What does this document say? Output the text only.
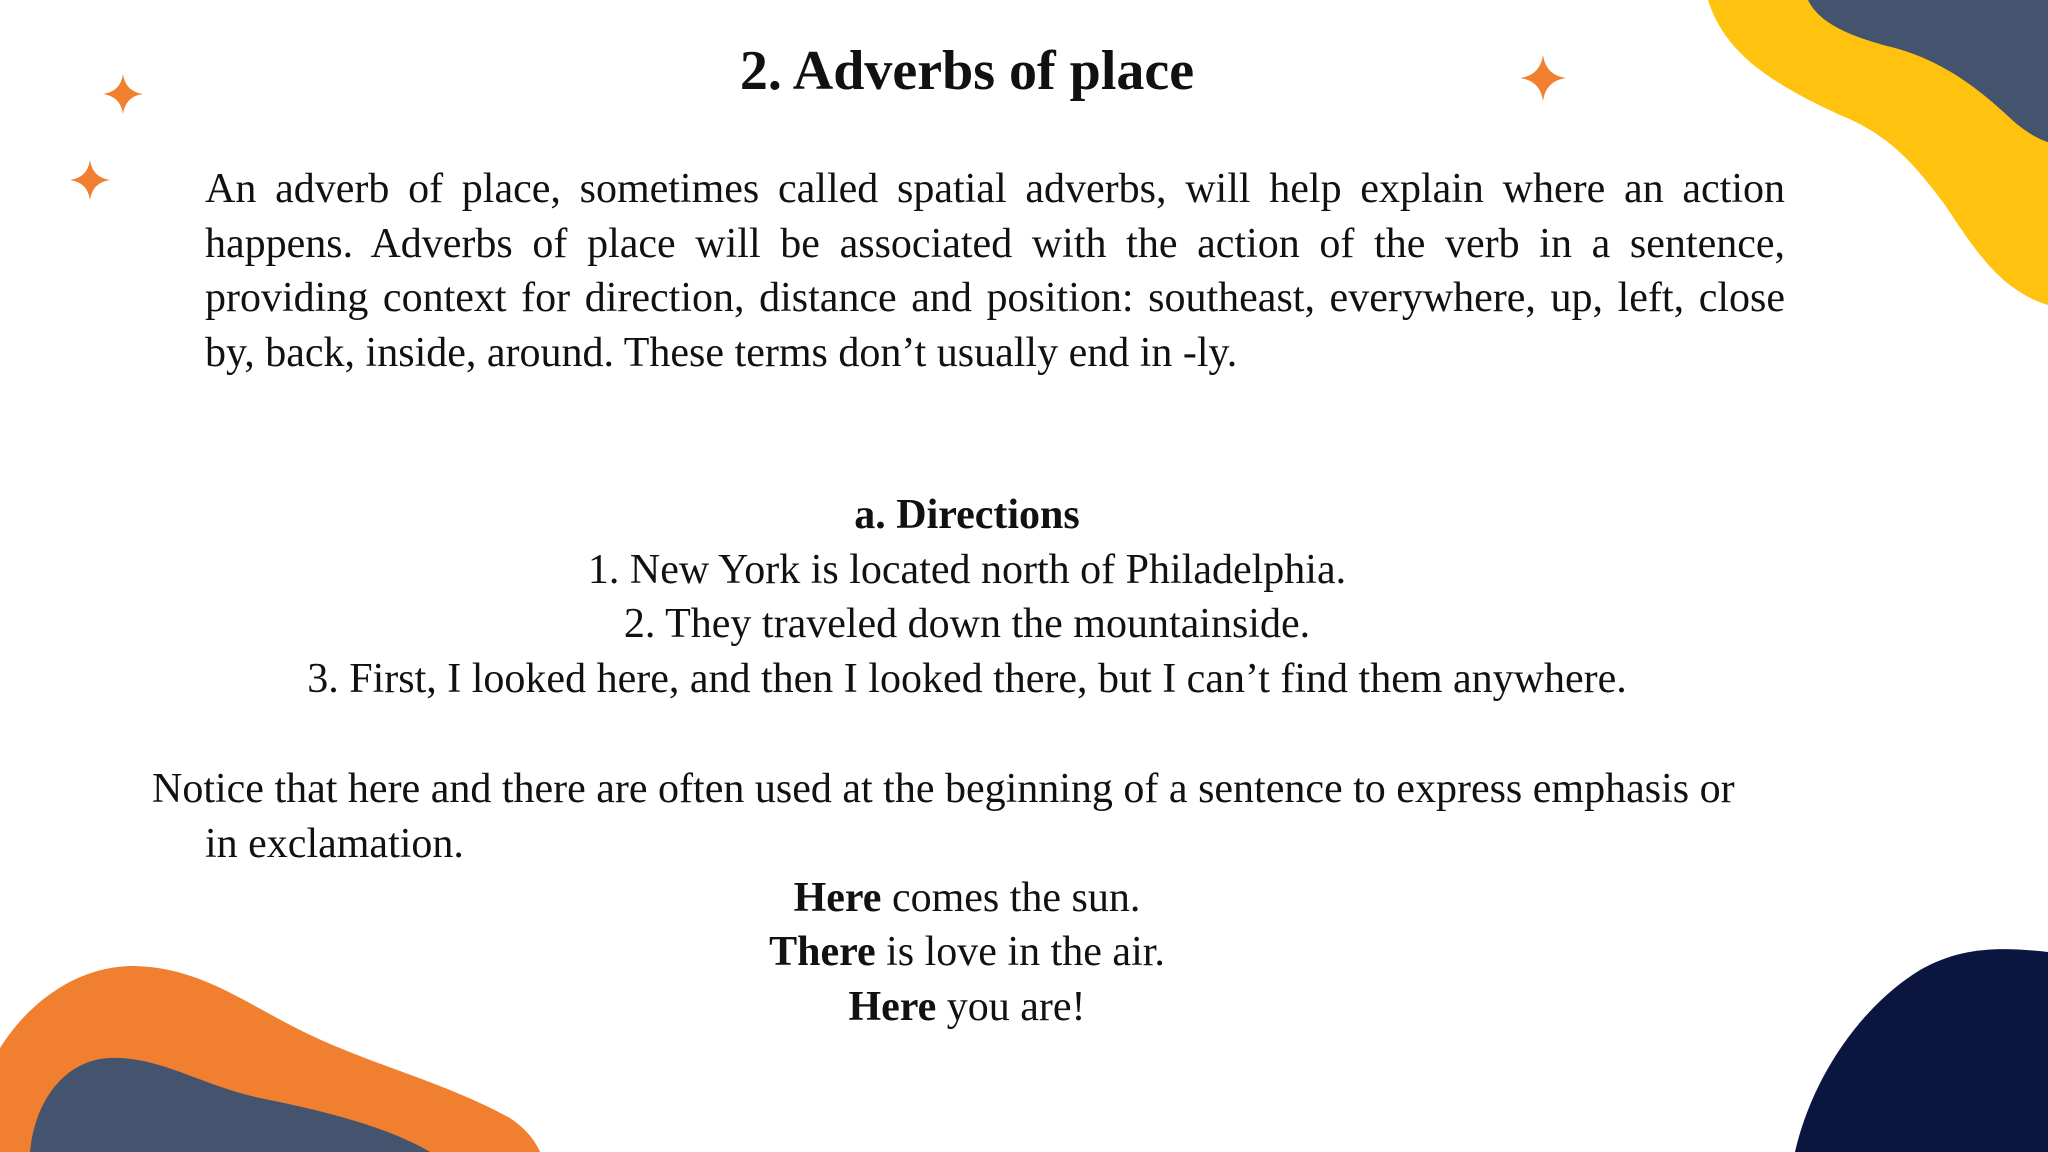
2. Adverbs of place

An adverb of place, sometimes called spatial adverbs, will help explain where an action happens. Adverbs of place will be associated with the action of the verb in a sentence, providing context for direction, distance and position: southeast, everywhere, up, left, close by, back, inside, around. These terms don’t usually end in -ly.

a. Directions

1. New York is located north of Philadelphia.

2. They traveled down the mountainside.

3. First, I looked here, and then I looked there, but I can’t find them anywhere.

Notice that here and there are often used at the beginning of a sentence to express emphasis or in exclamation.

Here comes the sun.

There is love in the air.

Here you are!
